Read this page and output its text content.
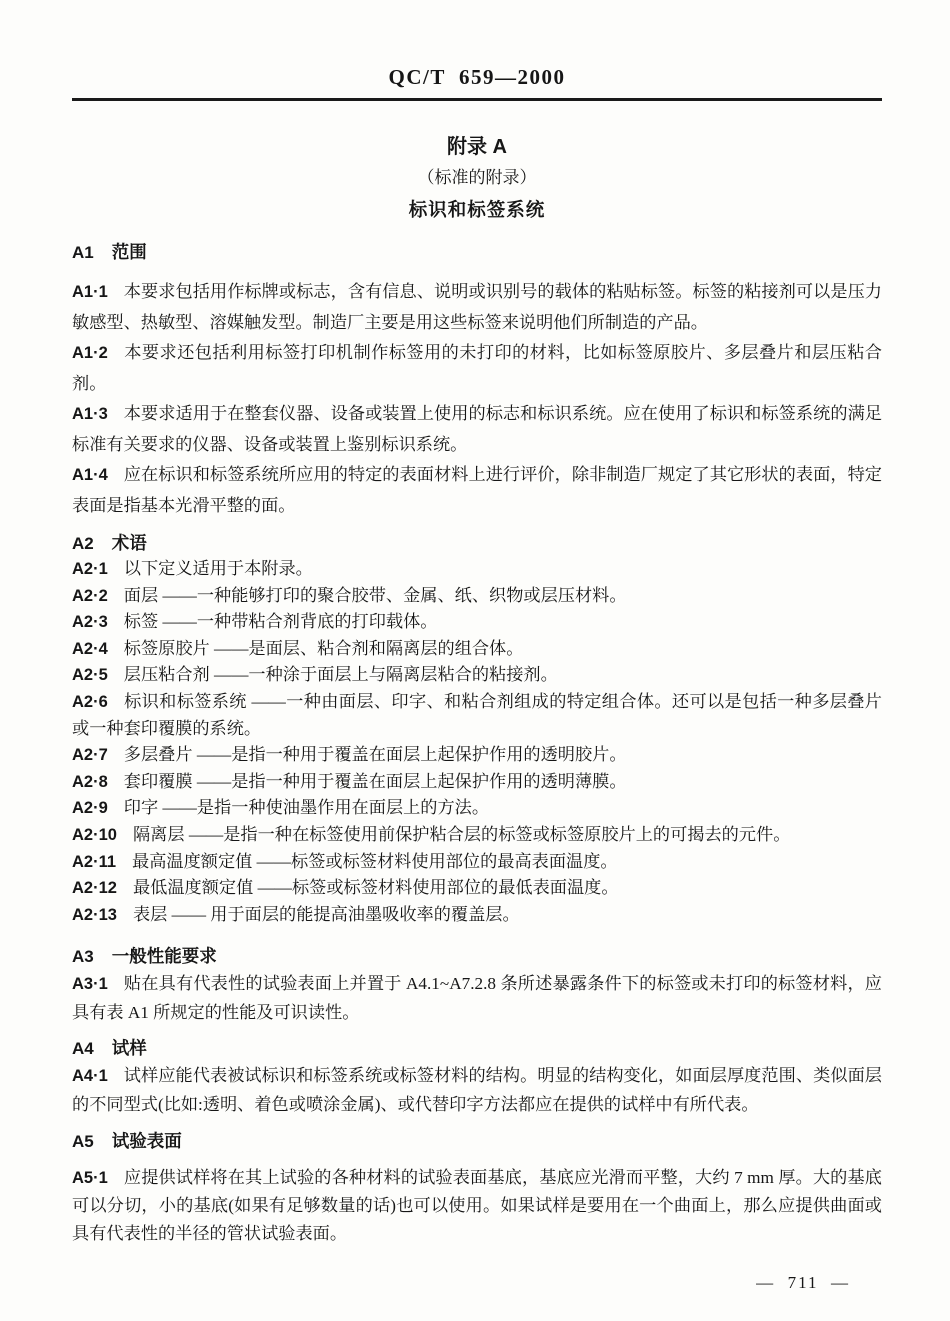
QC/T  659—2000
附录 A
（标准的附录）
标识和标签系统
A1 范围

A1·1 本要求包括用作标牌或标志，含有信息、说明或识别号的载体的粘贴标签。标签的粘接剂可以是压力敏感型、热敏型、溶媒触发型。制造厂主要是用这些标签来说明他们所制造的产品。

A1·2 本要求还包括利用标签打印机制作标签用的未打印的材料，比如标签原胶片、多层叠片和层压粘合剂。

A1·3 本要求适用于在整套仪器、设备或装置上使用的标志和标识系统。应在使用了标识和标签系统的满足标准有关要求的仪器、设备或装置上鉴别标识系统。

A1·4 应在标识和标签系统所应用的特定的表面材料上进行评价，除非制造厂规定了其它形状的表面，特定表面是指基本光滑平整的面。

A2 术语

A2·1 以下定义适用于本附录。

A2·2 面层 ——一种能够打印的聚合胶带、金属、纸、织物或层压材料。

A2·3 标签 ——一种带粘合剂背底的打印载体。

A2·4 标签原胶片 ——是面层、粘合剂和隔离层的组合体。

A2·5 层压粘合剂 ——一种涂于面层上与隔离层粘合的粘接剂。

A2·6 标识和标签系统 ——一种由面层、印字、和粘合剂组成的特定组合体。还可以是包括一种多层叠片或一种套印覆膜的系统。

A2·7 多层叠片 ——是指一种用于覆盖在面层上起保护作用的透明胶片。

A2·8 套印覆膜 ——是指一种用于覆盖在面层上起保护作用的透明薄膜。

A2·9 印字 ——是指一种使油墨作用在面层上的方法。

A2·10 隔离层 ——是指一种在标签使用前保护粘合层的标签或标签原胶片上的可揭去的元件。

A2·11 最高温度额定值 ——标签或标签材料使用部位的最高表面温度。

A2·12 最低温度额定值 ——标签或标签材料使用部位的最低表面温度。

A2·13 表层 —— 用于面层的能提高油墨吸收率的覆盖层。

A3 一般性能要求

A3·1 贴在具有代表性的试验表面上并置于 A4.1~A7.2.8 条所述暴露条件下的标签或未打印的标签材料，应具有表 A1 所规定的性能及可识读性。

A4 试样

A4·1 试样应能代表被试标识和标签系统或标签材料的结构。明显的结构变化，如面层厚度范围、类似面层的不同型式(比如:透明、着色或喷涂金属)、或代替印字方法都应在提供的试样中有所代表。

A5 试验表面

A5·1 应提供试样将在其上试验的各种材料的试验表面基底，基底应光滑而平整，大约 7 mm 厚。大的基底可以分切，小的基底(如果有足够数量的话)也可以使用。如果试样是要用在一个曲面上，那么应提供曲面或具有代表性的半径的管状试验表面。

—  711  —
